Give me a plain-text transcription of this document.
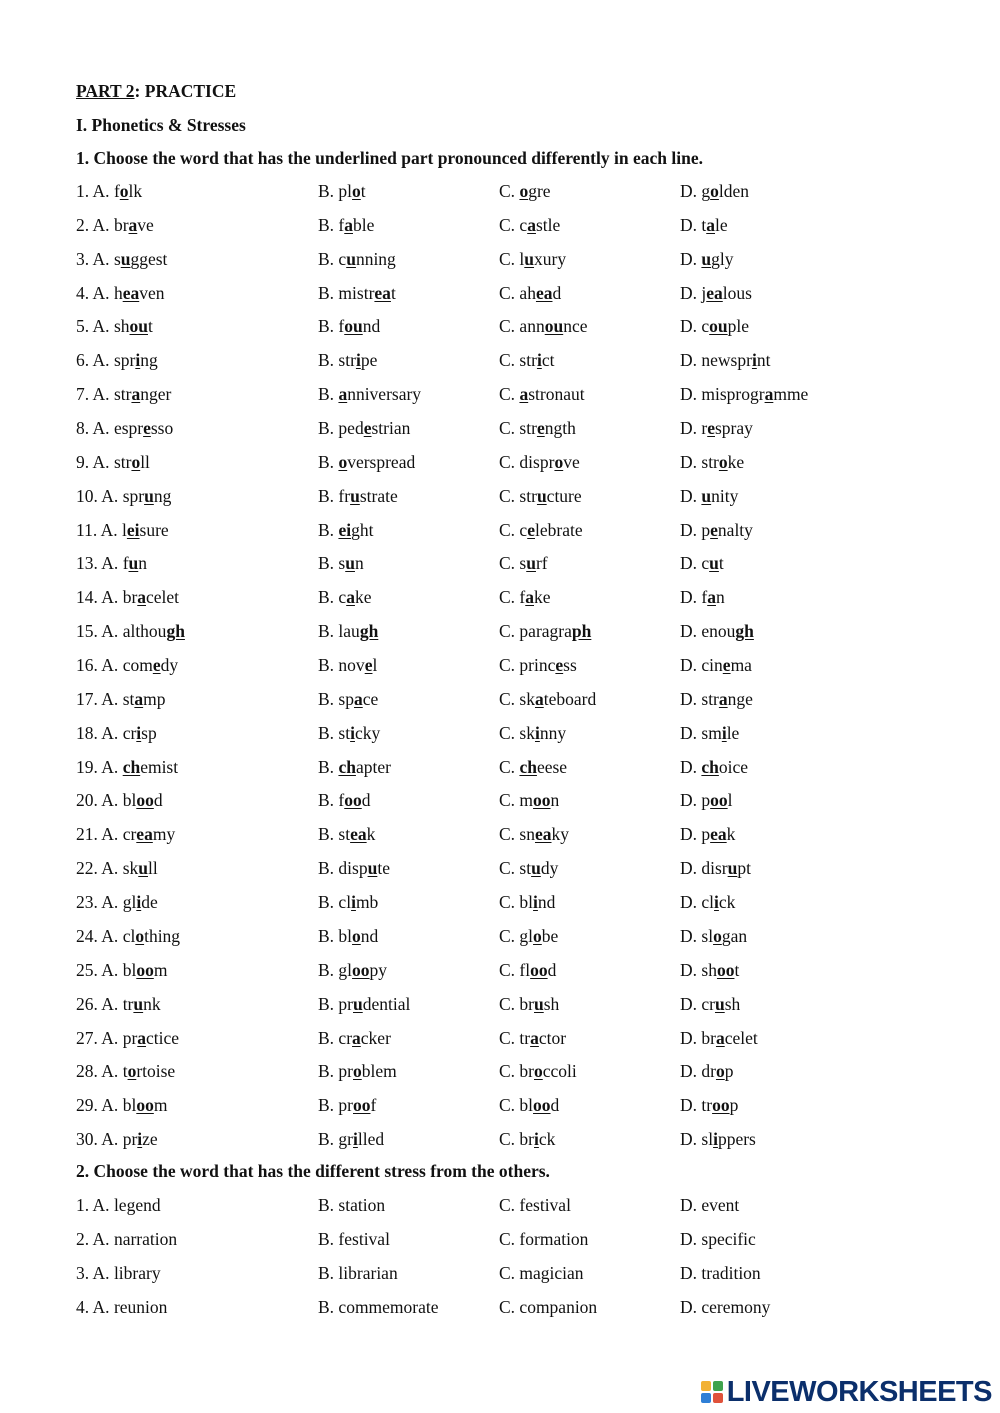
PART 2: PRACTICE
I. Phonetics & Stresses
1. Choose the word that has the underlined part pronounced differently in each line.
1. A. folk	B. plot	C. ogre	D. golden
2. A. brave	B. fable	C. castle	D. tale
3. A. suggest	B. cunning	C. luxury	D. ugly
4. A. heaven	B. mistreat	C. ahead	D. jealous
5. A. shout	B. found	C. announce	D. couple
6. A. spring	B. stripe	C. strict	D. newsprint
7. A. stranger	B. anniversary	C. astronaut	D. misprogramme
8. A. espresso	B. pedestrian	C. strength	D. respray
9. A. stroll	B. overspread	C. disprove	D. stroke
10. A. sprung	B. frustrate	C. structure	D. unity
11. A. leisure	B. eight	C. celebrate	D. penalty
13. A. fun	B. sun	C. surf	D. cut
14. A. bracelet	B. cake	C. fake	D. fan
15. A. although	B. laugh	C. paragraph	D. enough
16. A. comedy	B. novel	C. princess	D. cinema
17. A. stamp	B. space	C. skateboard	D. strange
18. A. crisp	B. sticky	C. skinny	D. smile
19. A. chemist	B. chapter	C. cheese	D. choice
20. A. blood	B. food	C. moon	D. pool
21. A. creamy	B. steak	C. sneaky	D. peak
22. A. skull	B. dispute	C. study	D. disrupt
23. A. glide	B. climb	C. blind	D. click
24. A. clothing	B. blond	C. globe	D. slogan
25. A. bloom	B. gloopy	C. flood	D. shoot
26. A. trunk	B. prudential	C. brush	D. crush
27. A. practice	B. cracker	C. tractor	D. bracelet
28. A. tortoise	B. problem	C. broccoli	D. drop
29. A. bloom	B. proof	C. blood	D. troop
30. A. prize	B. grilled	C. brick	D. slippers
2. Choose the word that has the different stress from the others.
1. A. legend	B. station	C. festival	D. event
2. A. narration	B. festival	C. formation	D. specific
3. A. library	B. librarian	C. magician	D. tradition
4. A. reunion	B. commemorate	C. companion	D. ceremony
LIVEWORKSHEETS
